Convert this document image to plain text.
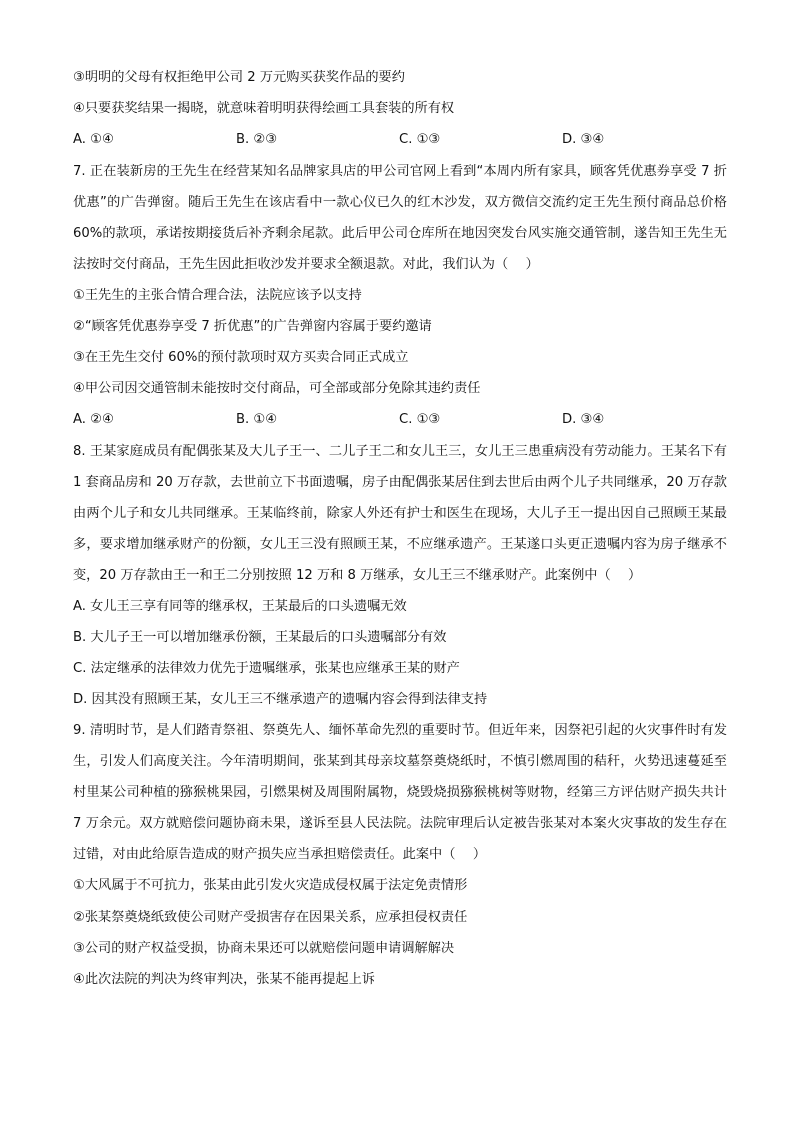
③明明的父母有权拒绝甲公司 2 万元购买获奖作品的要约
④只要获奖结果一揭晓，就意味着明明获得绘画工具套装的所有权
A. ①④	B. ②③	C. ①③	D. ③④
7. 正在装新房的王先生在经营某知名品牌家具店的甲公司官网上看到“本周内所有家具，顾客凭优惠券享受 7 折优惠”的广告弹窗。随后王先生在该店看中一款心仪已久的红木沙发，双方微信交流约定王先生预付商品总价格 60%的款项，承诺按期接货后补齐剩余尾款。此后甲公司仓库所在地因突发台风实施交通管制，遂告知王先生无法按时交付商品，王先生因此拒收沙发并要求全额退款。对此，我们认为（　 ）
①王先生的主张合情合理合法，法院应该予以支持
②“顾客凭优惠券享受 7 折优惠”的广告弹窗内容属于要约邀请
③在王先生交付 60%的预付款项时双方买卖合同正式成立
④甲公司因交通管制未能按时交付商品，可全部或部分免除其违约责任
A. ②④	B. ①④	C. ①③	D. ③④
8. 王某家庭成员有配偶张某及大儿子王一、二儿子王二和女儿王三，女儿王三患重病没有劳动能力。王某名下有 1 套商品房和 20 万存款，去世前立下书面遗嘱，房子由配偶张某居住到去世后由两个儿子共同继承，20 万存款由两个儿子和女儿共同继承。王某临终前，除家人外还有护士和医生在现场，大儿子王一提出因自己照顾王某最多，要求增加继承财产的份额，女儿王三没有照顾王某，不应继承遗产。王某遂口头更正遗嘱内容为房子继承不变，20 万存款由王一和王二分别按照 12 万和 8 万继承，女儿王三不继承财产。此案例中（　 ）
A. 女儿王三享有同等的继承权，王某最后的口头遗嘱无效
B. 大儿子王一可以增加继承份额，王某最后的口头遗嘱部分有效
C. 法定继承的法律效力优先于遗嘱继承，张某也应继承王某的财产
D. 因其没有照顾王某，女儿王三不继承遗产的遗嘱内容会得到法律支持
9. 清明时节，是人们踏青祭祖、祭奠先人、缅怀革命先烈的重要时节。但近年来，因祭祀引起的火灾事件时有发生，引发人们高度关注。今年清明期间，张某到其母亲坟墓祭奠烧纸时，不慎引燃周围的秸秆，火势迅速蔓延至村里某公司种植的猕猴桃果园，引燃果树及周围附属物，烧毁烧损猕猴桃树等财物，经第三方评估财产损失共计 7 万余元。双方就赔偿问题协商未果，遂诉至县人民法院。法院审理后认定被告张某对本案火灾事故的发生存在过错，对由此给原告造成的财产损失应当承担赔偿责任。此案中（　 ）
①大风属于不可抗力，张某由此引发火灾造成侵权属于法定免责情形
②张某祭奠烧纸致使公司财产受损害存在因果关系，应承担侵权责任
③公司的财产权益受损，协商未果还可以就赔偿问题申请调解解决
④此次法院的判决为终审判决，张某不能再提起上诉
